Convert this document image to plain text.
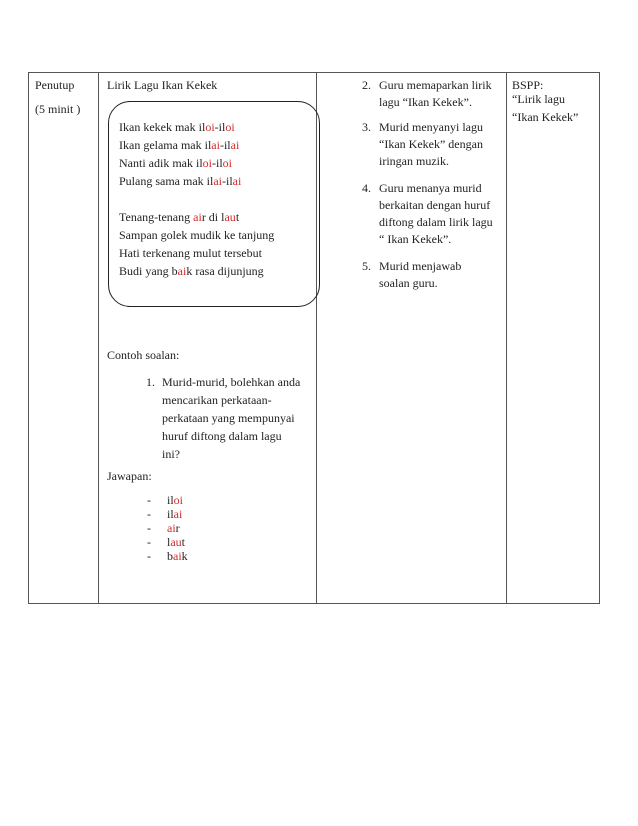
Penutup
(5 minit )
Lirik Lagu Ikan Kekek
Ikan kekek mak iloi-iloi
Ikan gelama mak ilai-ilai
Nanti adik mak iloi-iloi
Pulang sama mak ilai-ilai
Tenang-tenang air di laut
Sampan golek mudik ke tanjung
Hati terkenang mulut tersebut
Budi yang baik rasa dijunjung
Contoh soalan:
1. Murid-murid, bolehkan anda
mencarikan perkataan-
perkataan yang mempunyai
huruf diftong dalam lagu
ini?
Jawapan:
- iloi
- ilai
- air
- laut
- baik
2. Guru memaparkan lirik
lagu “Ikan Kekek”.
3. Murid menyanyi lagu
“Ikan Kekek” dengan
iringan muzik.
4. Guru menanya murid
berkaitan dengan huruf
diftong dalam lirik lagu
“ Ikan Kekek”.
5. Murid menjawab
soalan guru.
BSPP:
“Lirik lagu
“Ikan Kekek”
